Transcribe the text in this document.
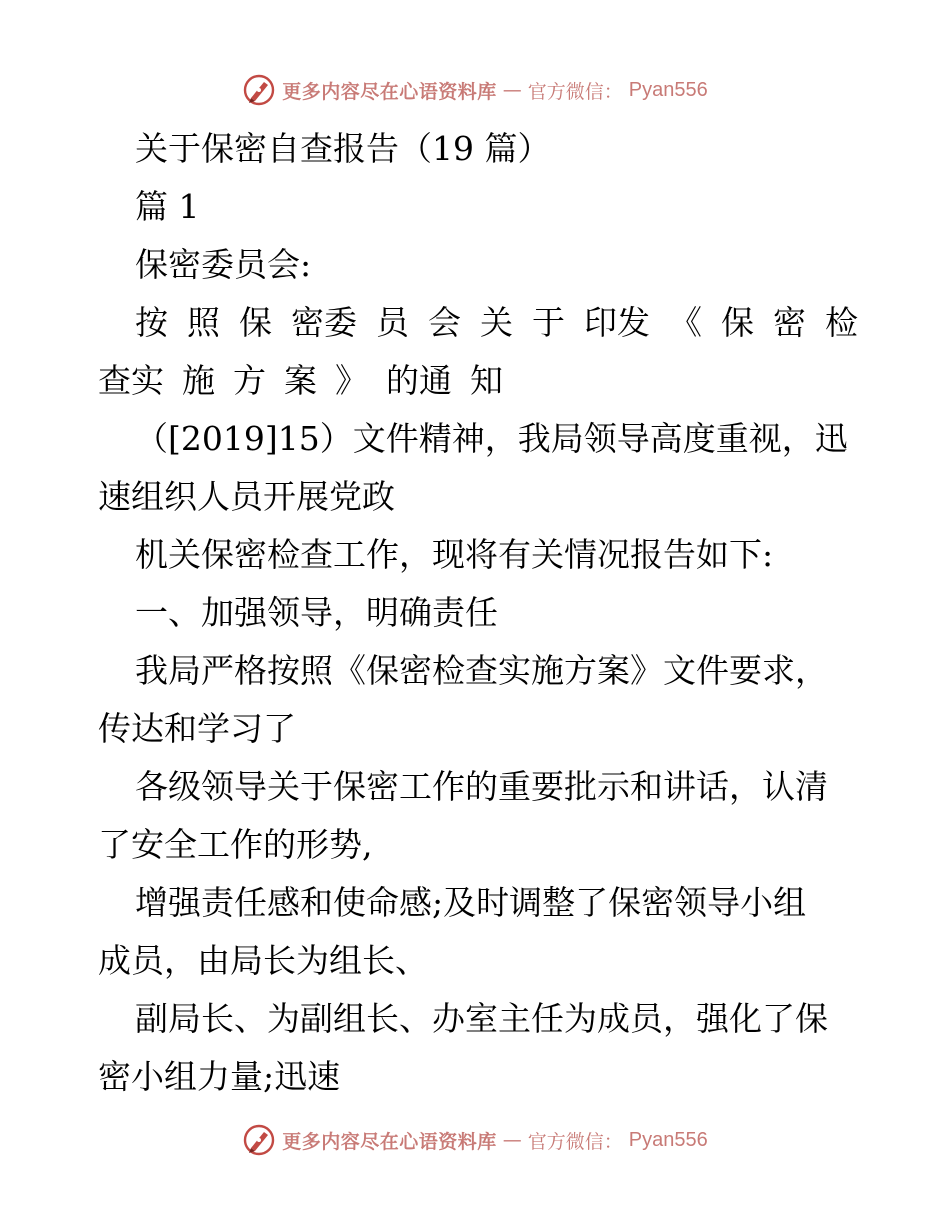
更多内容尽在心语资料库 — 官方微信： Pyan556

关于保密自查报告（19 篇）

篇 1

保密委员会:

按 照 保 密委 员 会 关 于 印发 《 保 密 检

查实 施 方 案 》 的通 知

（[2019]15）文件精神，我局领导高度重视，迅

速组织人员开展党政

机关保密检查工作，现将有关情况报告如下:

一、加强领导，明确责任

我局严格按照《保密检查实施方案》文件要求，

传达和学习了

各级领导关于保密工作的重要批示和讲话，认清

了安全工作的形势,

增强责任感和使命感;及时调整了保密领导小组

成员，由局长为组长、

副局长、为副组长、办室主任为成员，强化了保

密小组力量;迅速

更多内容尽在心语资料库 — 官方微信： Pyan556
